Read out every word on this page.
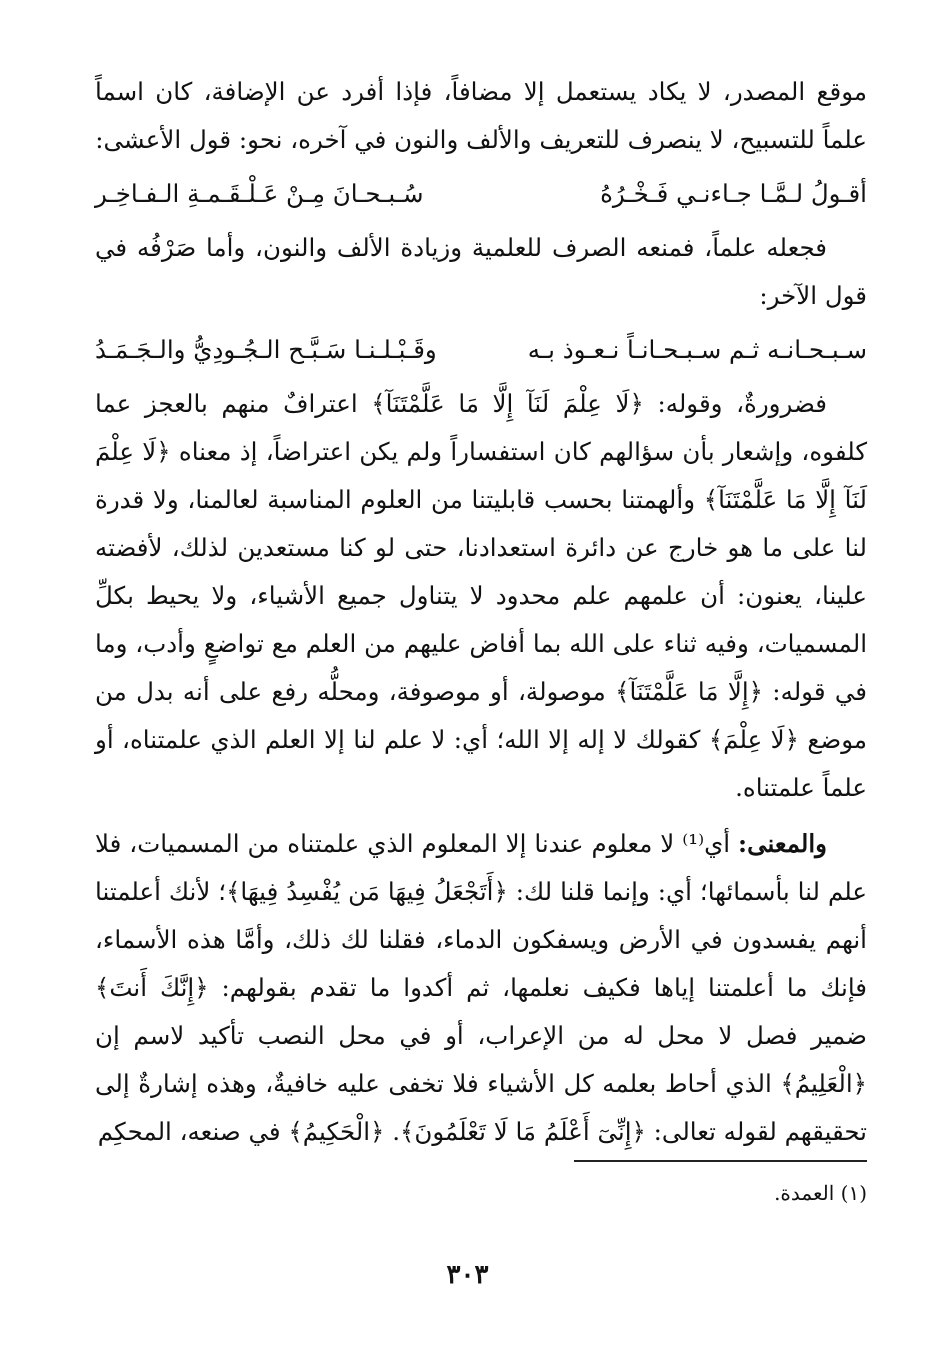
موقع المصدر، لا يكاد يستعمل إلا مضافاً، فإذا أفرد عن الإضافة، كان اسماً علماً للتسبيح، لا ينصرف للتعريف والألف والنون في آخره، نحو: قول الأعشى:

أقـولُ لـمَّـا جـاءنـي فَـخْـرُهُ
سُـبـحـانَ مِـنْ عَـلْـقَـمـةِ الـفـاخِـر

فجعله علماً، فمنعه الصرف للعلمية وزيادة الألف والنون، وأما صَرْفُه في قول الآخر:

سـبـحـانـه ثـم سـبـحـانـاً نـعـوذ بـه
وقَـبْـلـنـا سَـبَّـح الـجُـودِيُّ والـجَـمَـدُ

فضرورةٌ، وقوله: ﴿لَا عِلْمَ لَنَآ إِلَّا مَا عَلَّمْتَنَآ﴾ اعترافٌ منهم بالعجز عما كلفوه، وإشعار بأن سؤالهم كان استفساراً ولم يكن اعتراضاً، إذ معناه ﴿لَا عِلْمَ لَنَآ إِلَّا مَا عَلَّمْتَنَآ﴾ وألهمتنا بحسب قابليتنا من العلوم المناسبة لعالمنا، ولا قدرة لنا على ما هو خارج عن دائرة استعدادنا، حتى لو كنا مستعدين لذلك، لأفضته علينا، يعنون: أن علمهم علم محدود لا يتناول جميع الأشياء، ولا يحيط بكلِّ المسميات، وفيه ثناء على الله بما أفاض عليهم من العلم مع تواضعٍ وأدب، وما في قوله: ﴿إِلَّا مَا عَلَّمْتَنَآ﴾ موصولة، أو موصوفة، ومحلُّه رفع على أنه بدل من موضع ﴿لَا عِلْمَ﴾ كقولك لا إله إلا الله؛ أي: لا علم لنا إلا العلم الذي علمتناه، أو علماً علمتناه.

والمعنى: أي⁽¹⁾ لا معلوم عندنا إلا المعلوم الذي علمتناه من المسميات، فلا علم لنا بأسمائها؛ أي: وإنما قلنا لك: ﴿أَتَجْعَلُ فِيهَا مَن يُفْسِدُ فِيهَا﴾؛ لأنك أعلمتنا أنهم يفسدون في الأرض ويسفكون الدماء، فقلنا لك ذلك، وأمَّا هذه الأسماء، فإنك ما أعلمتنا إياها فكيف نعلمها، ثم أكدوا ما تقدم بقولهم: ﴿إِنَّكَ أَنتَ﴾ ضمير فصل لا محل له من الإعراب، أو في محل النصب تأكيد لاسم إن ﴿الْعَلِيمُ﴾ الذي أحاط بعلمه كل الأشياء فلا تخفى عليه خافيةٌ، وهذه إشارةٌ إلى تحقيقهم لقوله تعالى: ﴿إِنِّىٓ أَعْلَمُ مَا لَا تَعْلَمُونَ﴾. ﴿الْحَكِيمُ﴾ في صنعه، المحكِم

(١) العمدة.
٣٠٣
